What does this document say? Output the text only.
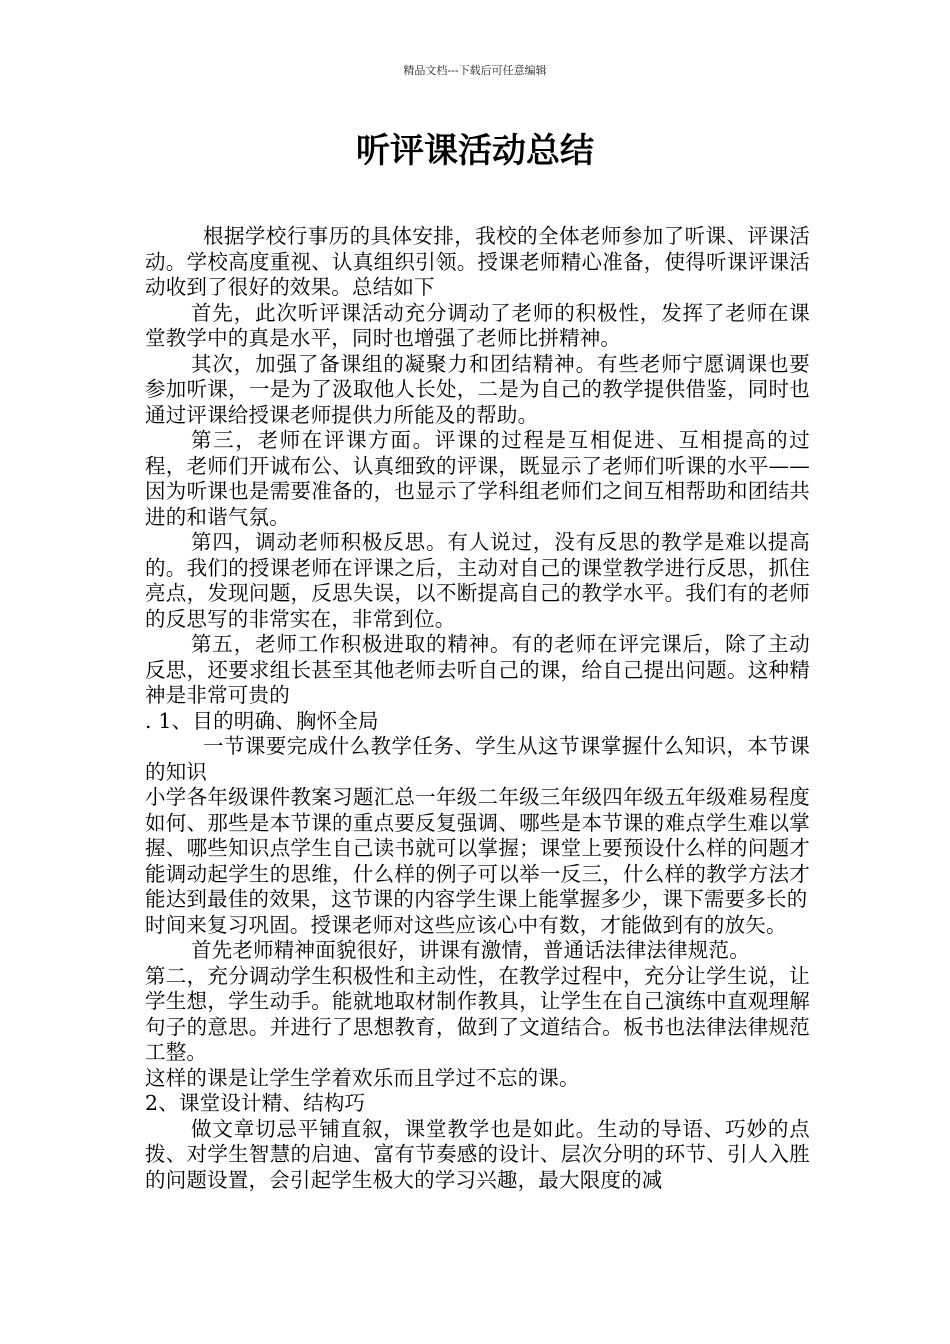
精品文档---下载后可任意编辑
听评课活动总结

根据学校行事历的具体安排，我校的全体老师参加了听课、评课活动。学校高度重视、认真组织引领。授课老师精心准备，使得听课评课活动收到了很好的效果。总结如下

首先，此次听评课活动充分调动了老师的积极性，发挥了老师在课堂教学中的真是水平，同时也增强了老师比拼精神。

其次，加强了备课组的凝聚力和团结精神。有些老师宁愿调课也要参加听课，一是为了汲取他人长处，二是为自己的教学提供借鉴，同时也通过评课给授课老师提供力所能及的帮助。

第三，老师在评课方面。评课的过程是互相促进、互相提高的过程，老师们开诚布公、认真细致的评课，既显示了老师们听课的水平——因为听课也是需要准备的，也显示了学科组老师们之间互相帮助和团结共进的和谐气氛。

第四，调动老师积极反思。有人说过，没有反思的教学是难以提高的。我们的授课老师在评课之后，主动对自己的课堂教学进行反思，抓住亮点，发现问题，反思失误，以不断提高自己的教学水平。我们有的老师的反思写的非常实在，非常到位。

第五，老师工作积极进取的精神。有的老师在评完课后，除了主动反思，还要求组长甚至其他老师去听自己的课，给自己提出问题。这种精神是非常可贵的

. 1、目的明确、胸怀全局

一节课要完成什么教学任务、学生从这节课掌握什么知识，本节课的知识

小学各年级课件教案习题汇总一年级二年级三年级四年级五年级难易程度如何、那些是本节课的重点要反复强调、哪些是本节课的难点学生难以掌握、哪些知识点学生自己读书就可以掌握；课堂上要预设什么样的问题才能调动起学生的思维，什么样的例子可以举一反三，什么样的教学方法才能达到最佳的效果，这节课的内容学生课上能掌握多少，课下需要多长的

时间来复习巩固。授课老师对这些应该心中有数，才能做到有的放矢。

首先老师精神面貌很好，讲课有激情，普通话法律法律规范。

第二，充分调动学生积极性和主动性，在教学过程中，充分让学生说，让学生想，学生动手。能就地取材制作教具，让学生在自己演练中直观理解句子的意思。并进行了思想教育，做到了文道结合。板书也法律法律规范工整。

这样的课是让学生学着欢乐而且学过不忘的课。

2、课堂设计精、结构巧

做文章切忌平铺直叙，课堂教学也是如此。生动的导语、巧妙的点拨、对学生智慧的启迪、富有节奏感的设计、层次分明的环节、引人入胜的问题设置，会引起学生极大的学习兴趣，最大限度的减
